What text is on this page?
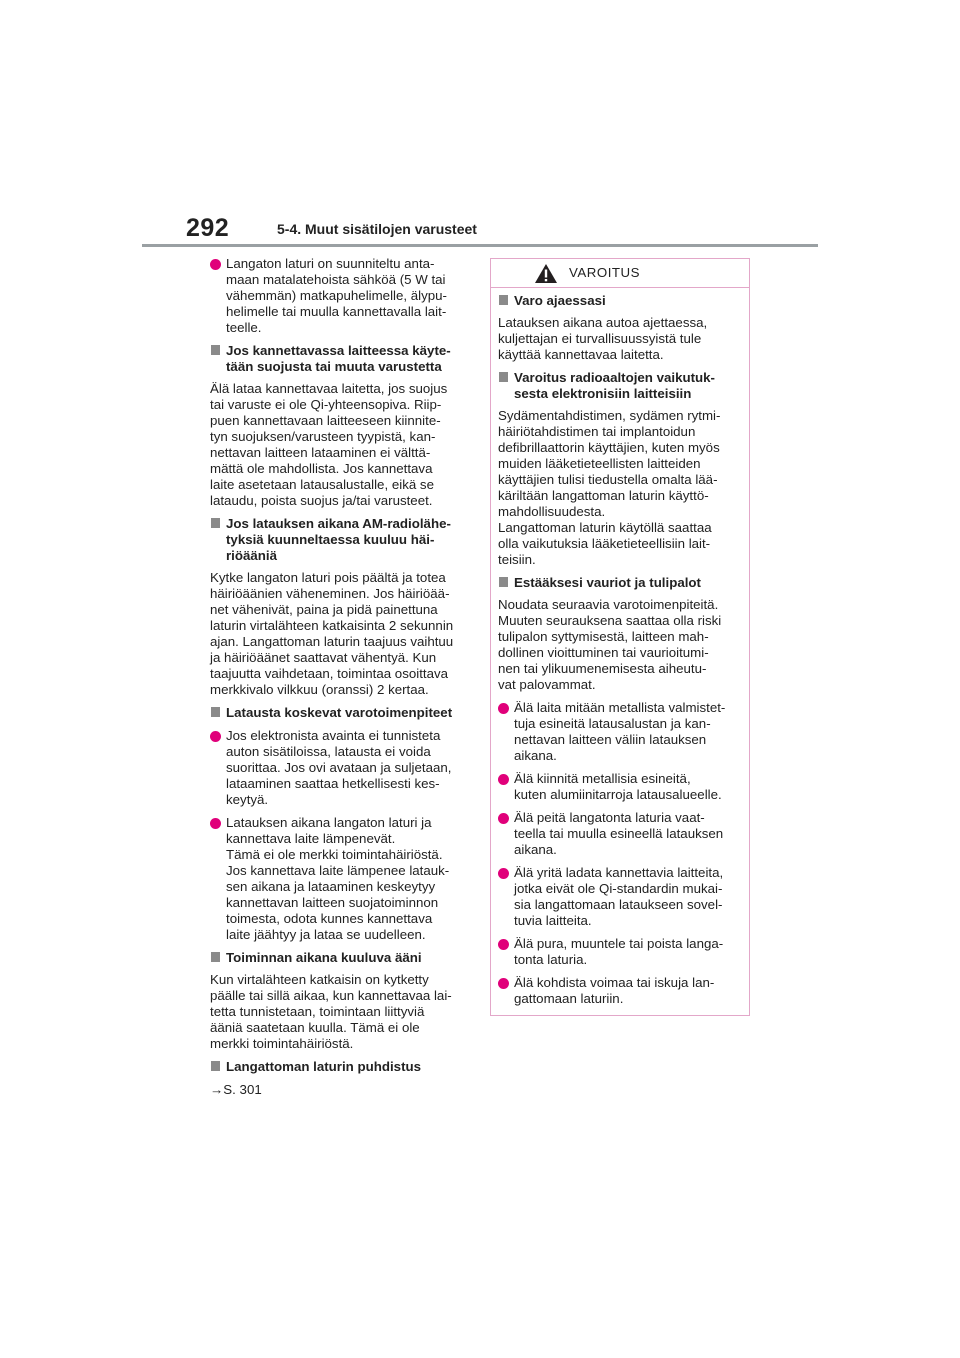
292	5-4. Muut sisätilojen varusteet
Langaton laturi on suunniteltu anta-
maan matalatehoista sähköä (5 W tai
vähemmän) matkapuhelimelle, älypu-
helimelle tai muulla kannettavalla lait-
teelle.
Jos kannettavassa laitteessa käyte-
tään suojusta tai muuta varustetta
Älä lataa kannettavaa laitetta, jos suojus
tai varuste ei ole Qi-yhteensopiva. Riip-
puen kannettavaan laitteeseen kiinnite-
tyn suojuksen/varusteen tyypistä, kan-
nettavan laitteen lataaminen ei välttä-
mättä ole mahdollista. Jos kannettava
laite asetetaan latausalustalle, eikä se
lataudu, poista suojus ja/tai varusteet.
Jos latauksen aikana AM-radiolähe-
tyksiä kuunneltaessa kuuluu häi-
riöääniä
Kytke langaton laturi pois päältä ja totea
häiriöäänien väheneminen. Jos häiriöää-
net vähenivät, paina ja pidä painettuna
laturin virtalähteen katkaisinta 2 sekunnin
ajan. Langattoman laturin taajuus vaihtuu
ja häiriöäänet saattavat vähentyä. Kun
taajuutta vaihdetaan, toimintaa osoittava
merkkivalo vilkkuu (oranssi) 2 kertaa.
Latausta koskevat varotoimenpiteet
Jos elektronista avainta ei tunnisteta
auton sisätiloissa, latausta ei voida
suorittaa. Jos ovi avataan ja suljetaan,
lataaminen saattaa hetkellisesti kes-
keytyä.
Latauksen aikana langaton laturi ja
kannettava laite lämpenevät.
Tämä ei ole merkki toimintahäiriöstä.
Jos kannettava laite lämpenee latauk-
sen aikana ja lataaminen keskeytyy
kannettavan laitteen suojatoiminnon
toimesta, odota kunnes kannettava
laite jäähtyy ja lataa se uudelleen.
Toiminnan aikana kuuluva ääni
Kun virtalähteen katkaisin on kytketty
päälle tai sillä aikaa, kun kannettavaa lai-
tetta tunnistetaan, toimintaan liittyviä
ääniä saatetaan kuulla. Tämä ei ole
merkki toimintahäiriöstä.
Langattoman laturin puhdistus
→S. 301
VAROITUS
Varo ajaessasi
Latauksen aikana autoa ajettaessa,
kuljettajan ei turvallisuussyistä tule
käyttää kannettavaa laitetta.
Varoitus radioaaltojen vaikutuk-
sesta elektronisiin laitteisiin
Sydämentahdistimen, sydämen rytmi-
häiriötahdistimen tai implantoidun
defibrillaattorin käyttäjien, kuten myös
muiden lääketieteellisten laitteiden
käyttäjien tulisi tiedustella omalta lää-
käriltään langattoman laturin käyttö-
mahdollisuudesta.
Langattoman laturin käytöllä saattaa
olla vaikutuksia lääketieteellisiin lait-
teisiin.
Estääksesi vauriot ja tulipalot
Noudata seuraavia varotoimenpiteitä.
Muuten seurauksena saattaa olla riski
tulipalon syttymisestä, laitteen mah-
dollinen vioittuminen tai vaurioitumi-
nen tai ylikuumenemisesta aiheutu-
vat palovammat.
Älä laita mitään metallista valmistet-
tuja esineitä latausalustan ja kan-
nettavan laitteen väliin latauksen
aikana.
Älä kiinnitä metallisia esineitä,
kuten alumiinitarroja latausalueelle.
Älä peitä langatonta laturia vaat-
teella tai muulla esineellä latauksen
aikana.
Älä yritä ladata kannettavia laitteita,
jotka eivät ole Qi-standardin mukai-
sia langattomaan lataukseen sovel-
tuvia laitteita.
Älä pura, muuntele tai poista langa-
tonta laturia.
Älä kohdista voimaa tai iskuja lan-
gattomaan laturiin.
